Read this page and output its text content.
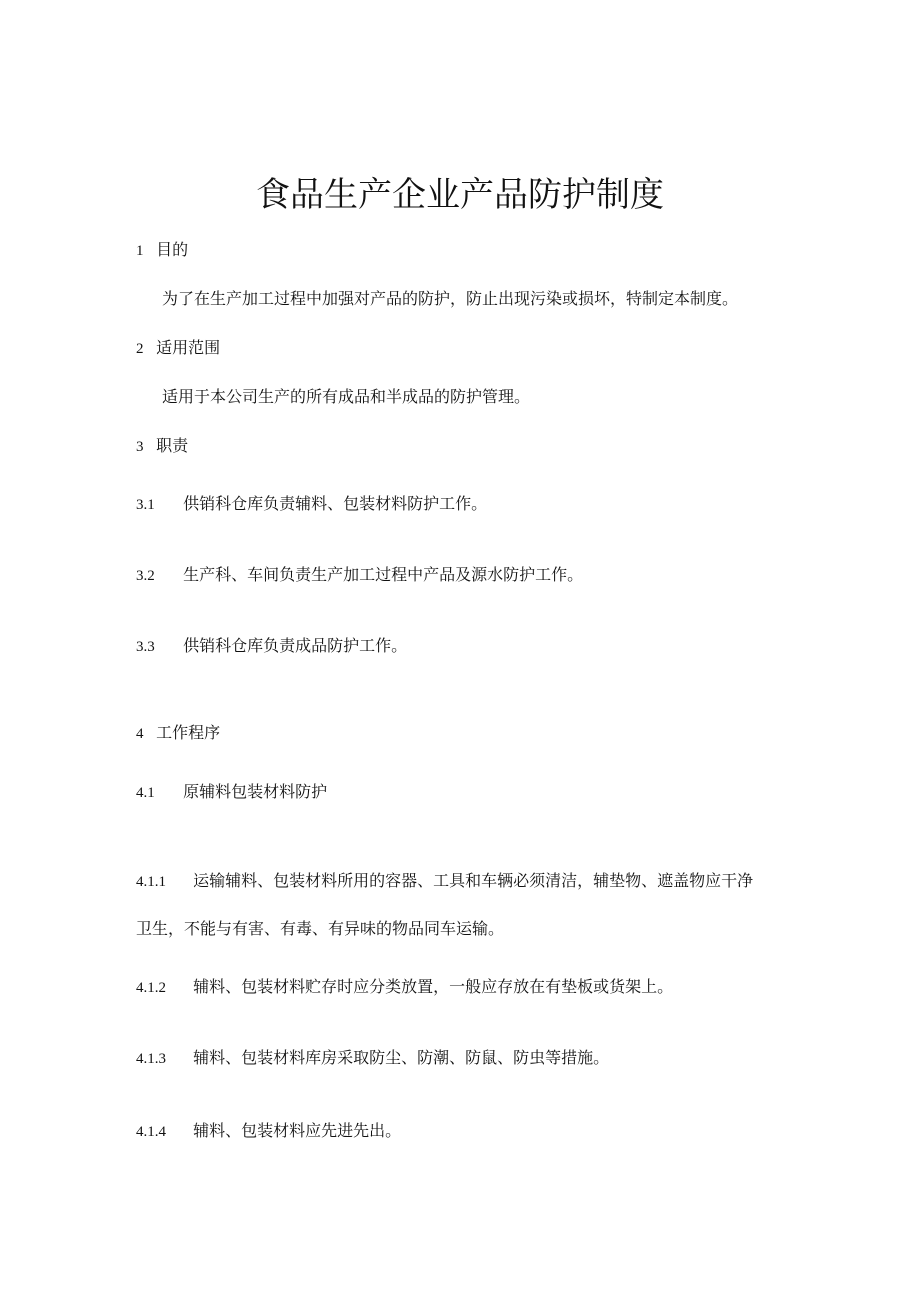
食品生产企业产品防护制度
1 目的
为了在生产加工过程中加强对产品的防护，防止出现污染或损坏，特制定本制度。
2 适用范围
适用于本公司生产的所有成品和半成品的防护管理。
3 职责
3.1 供销科仓库负责辅料、包装材料防护工作。
3.2 生产科、车间负责生产加工过程中产品及源水防护工作。
3.3 供销科仓库负责成品防护工作。
4 工作程序
4.1 原辅料包装材料防护
4.1.1 运输辅料、包装材料所用的容器、工具和车辆必须清洁，辅垫物、遮盖物应干净
卫生，不能与有害、有毒、有异味的物品同车运输。
4.1.2 辅料、包装材料贮存时应分类放置，一般应存放在有垫板或货架上。
4.1.3 辅料、包装材料库房采取防尘、防潮、防鼠、防虫等措施。
4.1.4 辅料、包装材料应先进先出。
